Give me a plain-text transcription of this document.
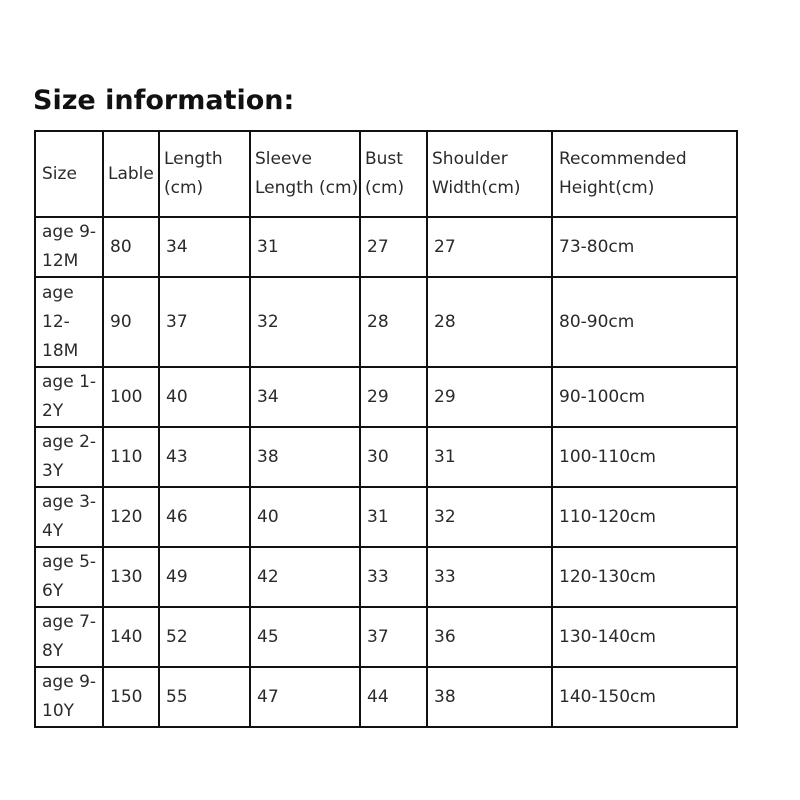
Size information:
Size	Lable	Length (cm)	Sleeve Length (cm)	Bust (cm)	Shoulder Width(cm)	Recommended Height(cm)
age 9-12M	80	34	31	27	27	73-80cm
age 12-18M	90	37	32	28	28	80-90cm
age 1-2Y	100	40	34	29	29	90-100cm
age 2-3Y	110	43	38	30	31	100-110cm
age 3-4Y	120	46	40	31	32	110-120cm
age 5-6Y	130	49	42	33	33	120-130cm
age 7-8Y	140	52	45	37	36	130-140cm
age 9-10Y	150	55	47	44	38	140-150cm
